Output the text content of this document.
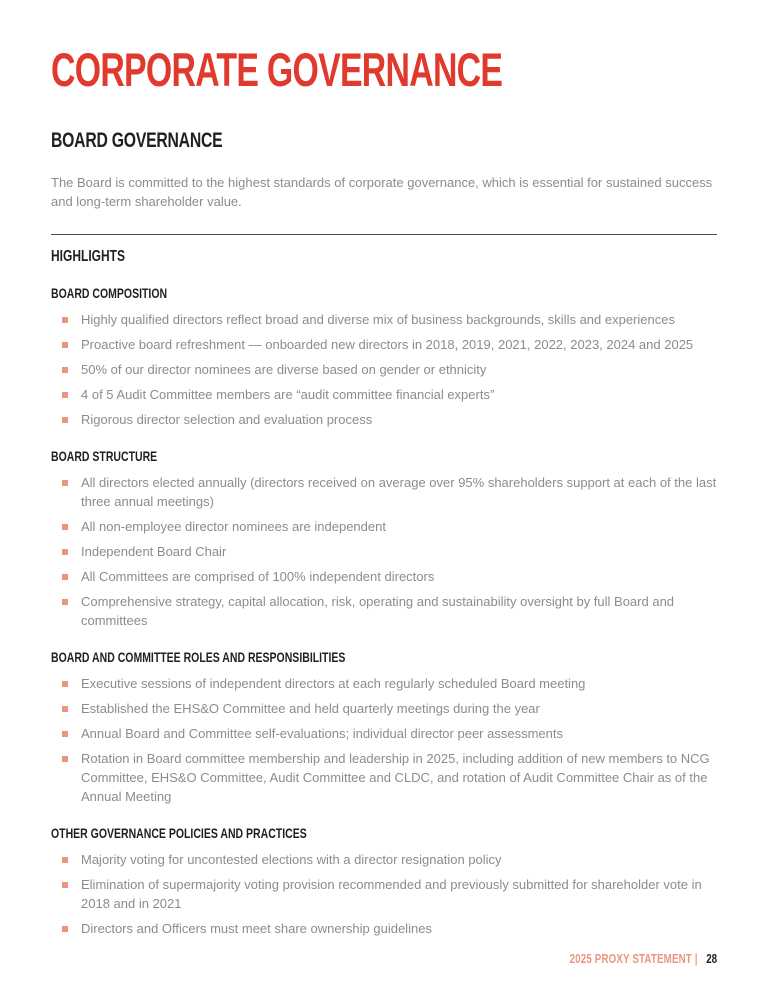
CORPORATE GOVERNANCE
BOARD GOVERNANCE

The Board is committed to the highest standards of corporate governance, which is essential for sustained success and long-term shareholder value.

HIGHLIGHTS
BOARD COMPOSITION
Highly qualified directors reflect broad and diverse mix of business backgrounds, skills and experiences
Proactive board refreshment — onboarded new directors in 2018, 2019, 2021, 2022, 2023, 2024 and 2025
50% of our director nominees are diverse based on gender or ethnicity
4 of 5 Audit Committee members are “audit committee financial experts”
Rigorous director selection and evaluation process
BOARD STRUCTURE
All directors elected annually (directors received on average over 95% shareholders support at each of the last three annual meetings)
All non-employee director nominees are independent
Independent Board Chair
All Committees are comprised of 100% independent directors
Comprehensive strategy, capital allocation, risk, operating and sustainability oversight by full Board and committees
BOARD AND COMMITTEE ROLES AND RESPONSIBILITIES
Executive sessions of independent directors at each regularly scheduled Board meeting
Established the EHS&O Committee and held quarterly meetings during the year
Annual Board and Committee self-evaluations; individual director peer assessments
Rotation in Board committee membership and leadership in 2025, including addition of new members to NCG Committee, EHS&O Committee, Audit Committee and CLDC, and rotation of Audit Committee Chair as of the Annual Meeting
OTHER GOVERNANCE POLICIES AND PRACTICES
Majority voting for uncontested elections with a director resignation policy
Elimination of supermajority voting provision recommended and previously submitted for shareholder vote in 2018 and in 2021
Directors and Officers must meet share ownership guidelines
2025 PROXY STATEMENT | 28
